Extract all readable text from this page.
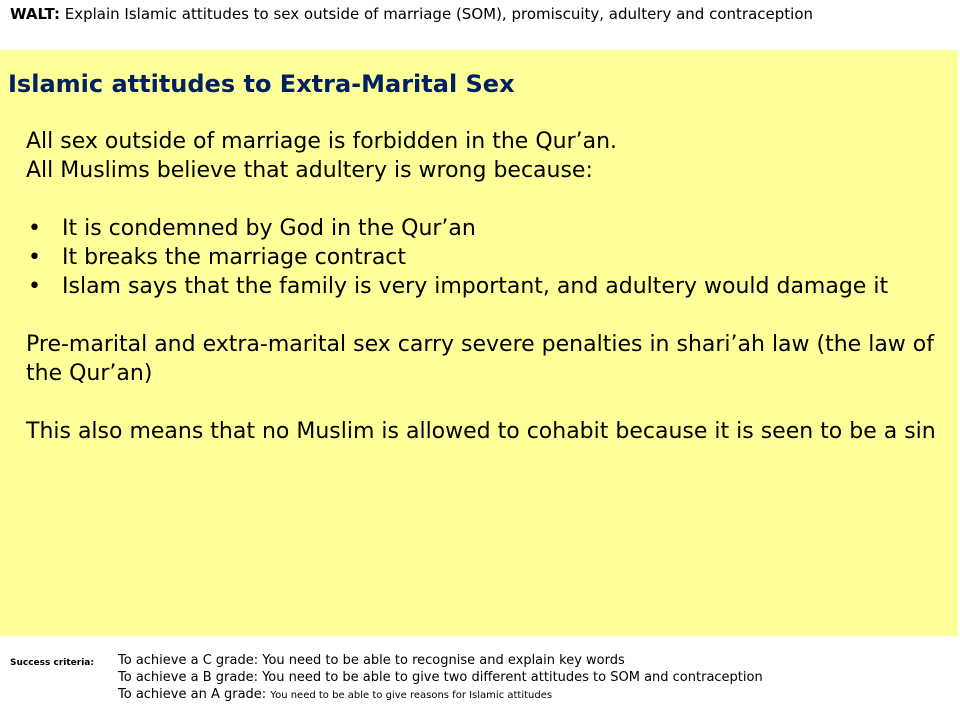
WALT: Explain Islamic attitudes to sex outside of marriage (SOM), promiscuity, adultery and contraception
Islamic attitudes to Extra-Marital Sex

All sex outside of marriage is forbidden in the Qur’an.

All Muslims believe that adultery is wrong because:

• It is condemned by God in the Qur’an
• It breaks the marriage contract
• Islam says that the family is very important, and adultery would damage it

Pre-marital and extra-marital sex carry severe penalties in shari’ah law (the law of the Qur’an)

This also means that no Muslim is allowed to cohabit because it is seen to be a sin

Success criteria: To achieve a C grade: You need to be able to recognise and explain key words
To achieve a B grade: You need to be able to give two different attitudes to SOM and contraception
To achieve an A grade: You need to be able to give reasons for Islamic attitudes
